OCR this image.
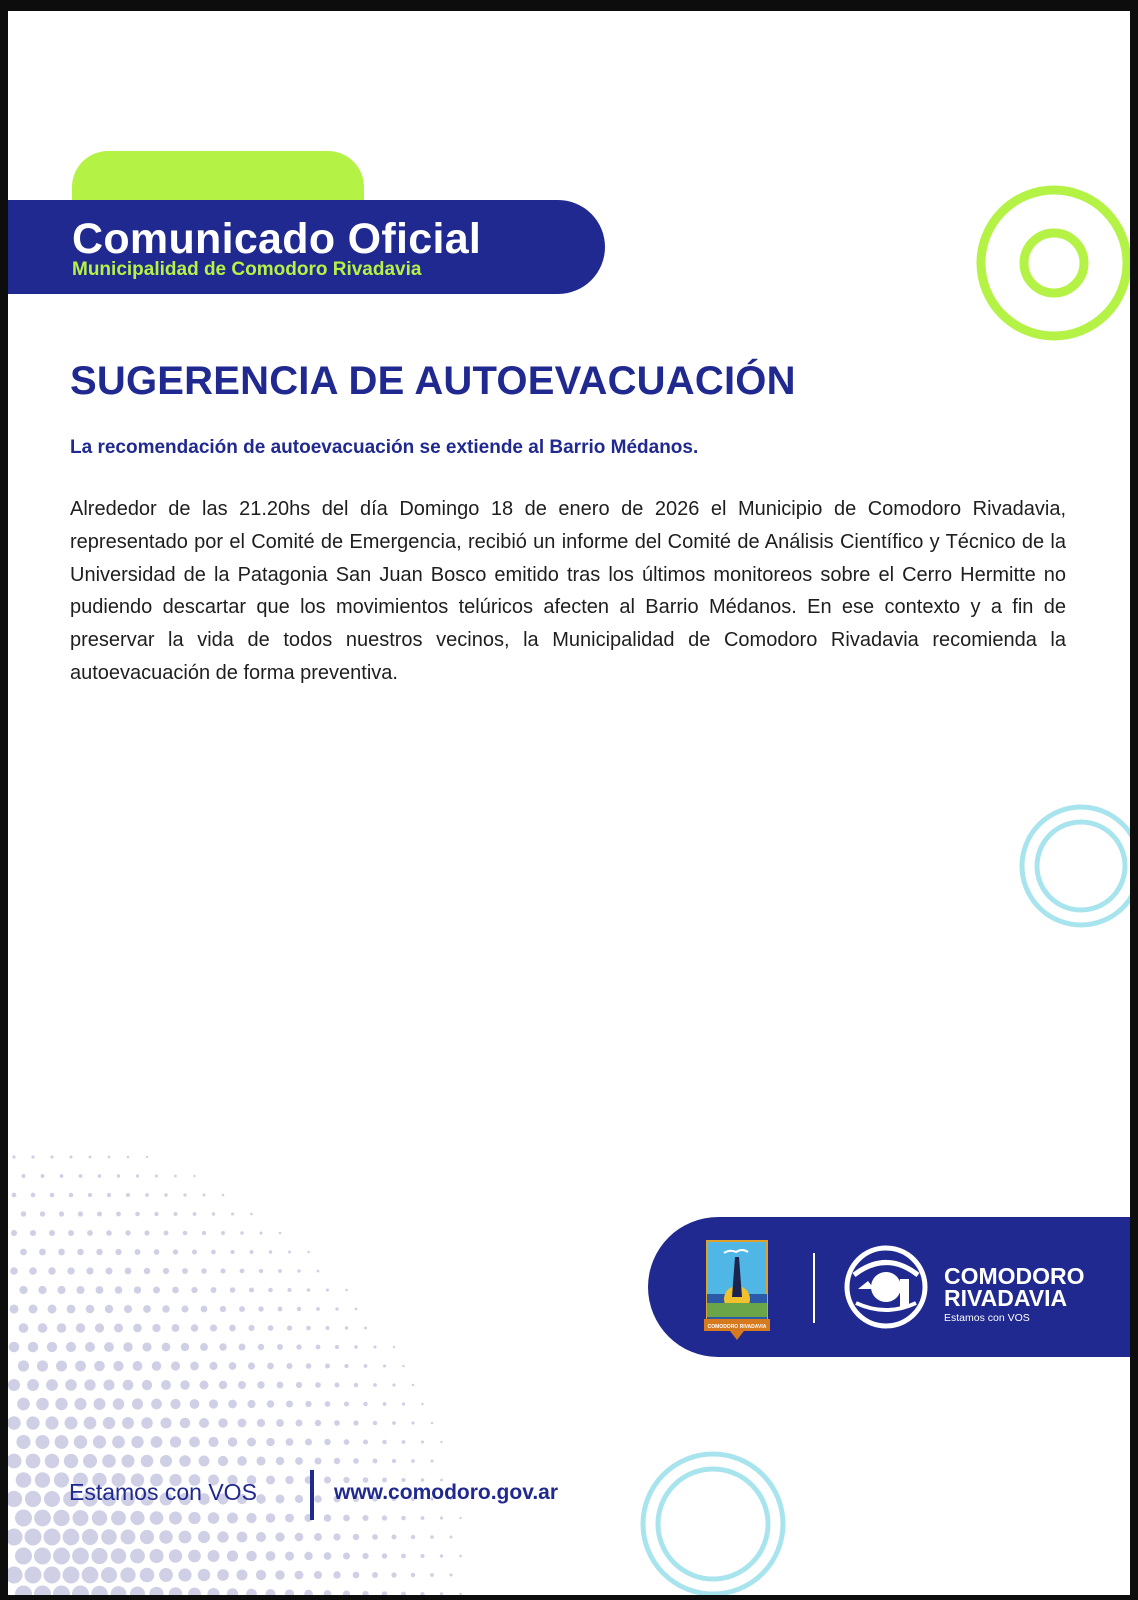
Comunicado Oficial

Municipalidad de Comodoro Rivadavia

SUGERENCIA DE AUTOEVACUACIÓN

La recomendación de autoevacuación se extiende al Barrio Médanos.

Alrededor de las 21.20hs del día Domingo 18 de enero de 2026 el Municipio de Comodoro Rivadavia, representado por el Comité de Emergencia, recibió un informe del Comité de Análisis Científico y Técnico de la Universidad de la Patagonia San Juan Bosco emitido tras los últimos monitoreos sobre el Cerro Hermitte no pudiendo descartar que los movimientos telúricos afecten al Barrio Médanos. En ese contexto y a fin de preservar la vida de todos nuestros vecinos, la Municipalidad de Comodoro Rivadavia recomienda la autoevacuación de forma preventiva.

COMODORO RIVADAVIA

COMODORO
RIVADAVIA

Estamos con VOS

Estamos con VOS	www.comodoro.gov.ar
